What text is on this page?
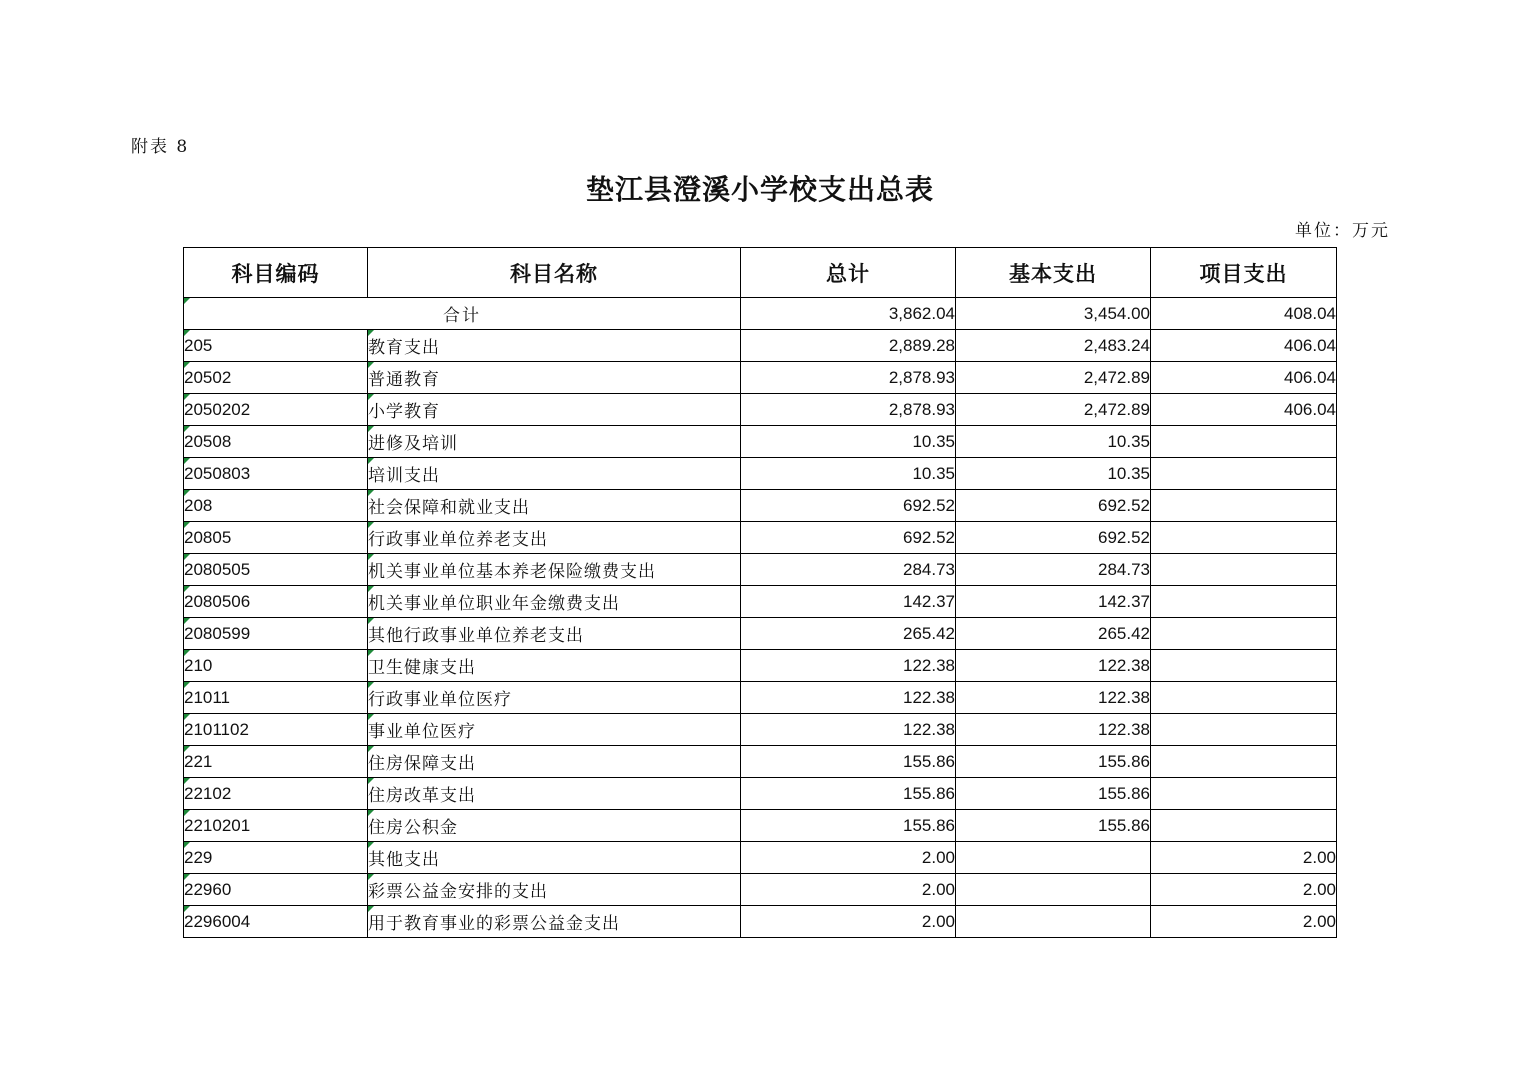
附表 8
垫江县澄溪小学校支出总表
单位：万元
科目编码	科目名称	总计	基本支出	项目支出
合计		3,862.04	3,454.00	408.04
205	教育支出	2,889.28	2,483.24	406.04
20502	普通教育	2,878.93	2,472.89	406.04
2050202	小学教育	2,878.93	2,472.89	406.04
20508	进修及培训	10.35	10.35	
2050803	培训支出	10.35	10.35	
208	社会保障和就业支出	692.52	692.52	
20805	行政事业单位养老支出	692.52	692.52	
2080505	机关事业单位基本养老保险缴费支出	284.73	284.73	
2080506	机关事业单位职业年金缴费支出	142.37	142.37	
2080599	其他行政事业单位养老支出	265.42	265.42	
210	卫生健康支出	122.38	122.38	
21011	行政事业单位医疗	122.38	122.38	
2101102	事业单位医疗	122.38	122.38	
221	住房保障支出	155.86	155.86	
22102	住房改革支出	155.86	155.86	
2210201	住房公积金	155.86	155.86	
229	其他支出	2.00		2.00
22960	彩票公益金安排的支出	2.00		2.00
2296004	用于教育事业的彩票公益金支出	2.00		2.00
